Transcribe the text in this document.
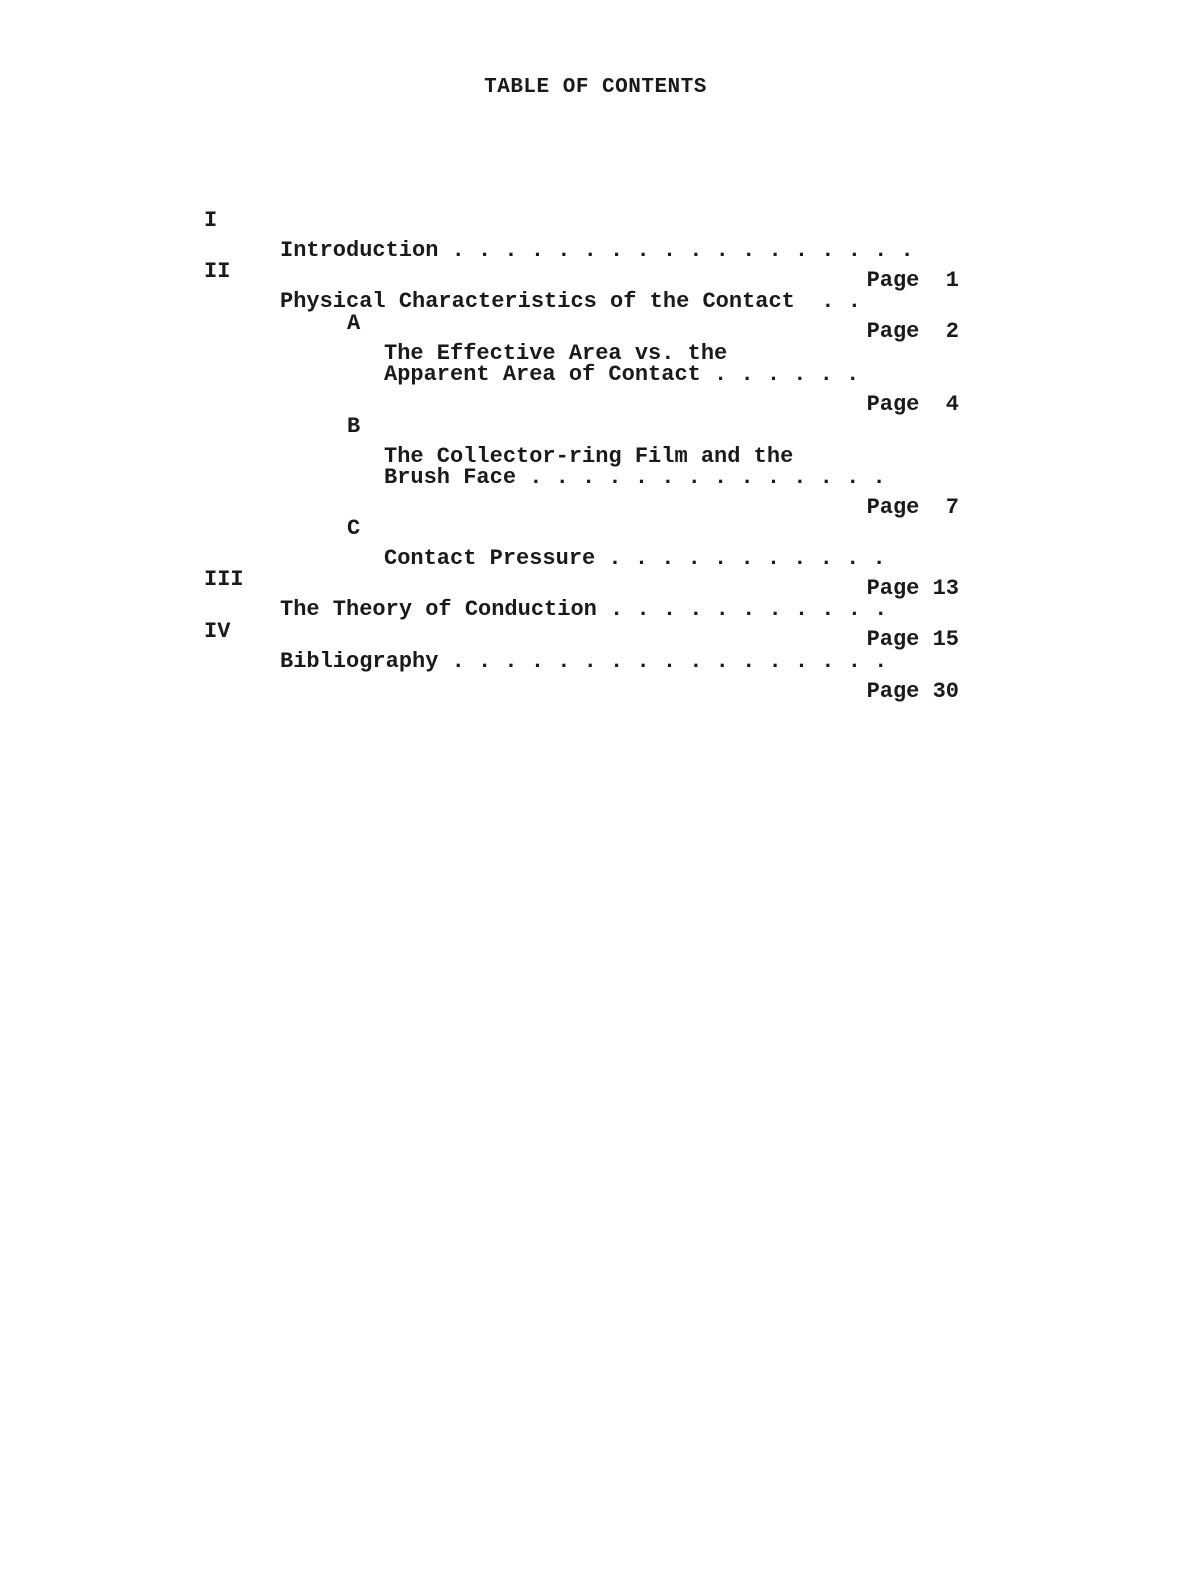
TABLE OF CONTENTS

I

Introduction . . . . . . . . . . . . . . . . . .

Page  1

II

Physical Characteristics of the Contact  . .

Page  2

A

The Effective Area vs. the

Apparent Area of Contact . . . . . .

Page  4

B

The Collector-ring Film and the

Brush Face . . . . . . . . . . . . . .

Page  7

C

Contact Pressure . . . . . . . . . . .

Page 13

III

The Theory of Conduction . . . . . . . . . . .

Page 15

IV

Bibliography . . . . . . . . . . . . . . . . .

Page 30
